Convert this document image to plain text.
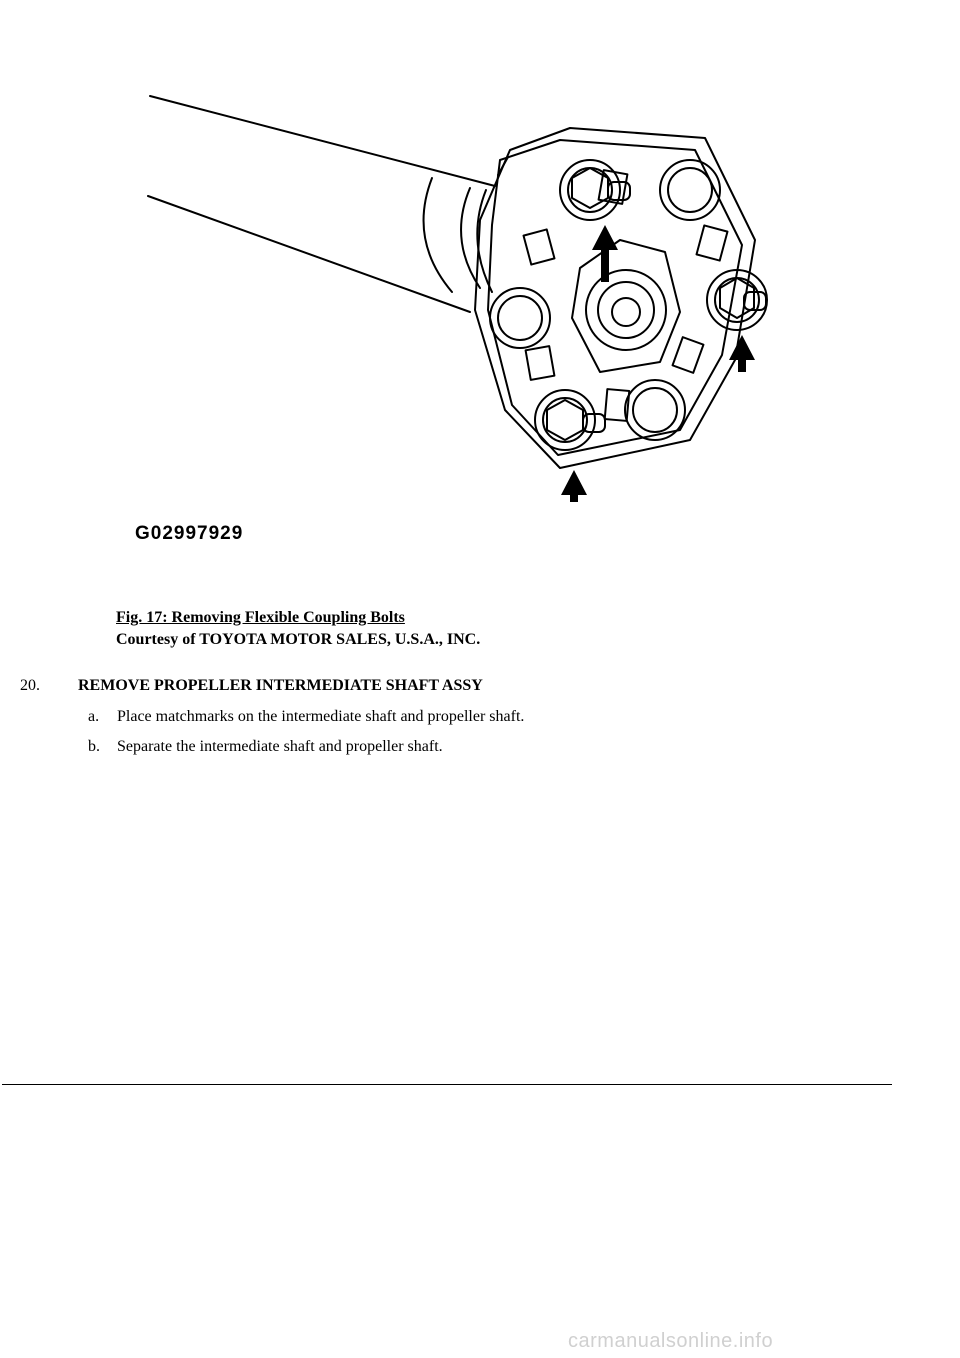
G02997929
Fig. 17: Removing Flexible Coupling Bolts
Courtesy of TOYOTA MOTOR SALES, U.S.A., INC.
20. REMOVE PROPELLER INTERMEDIATE SHAFT ASSY
a. Place matchmarks on the intermediate shaft and propeller shaft.
b. Separate the intermediate shaft and propeller shaft.
carmanualsonline.info
